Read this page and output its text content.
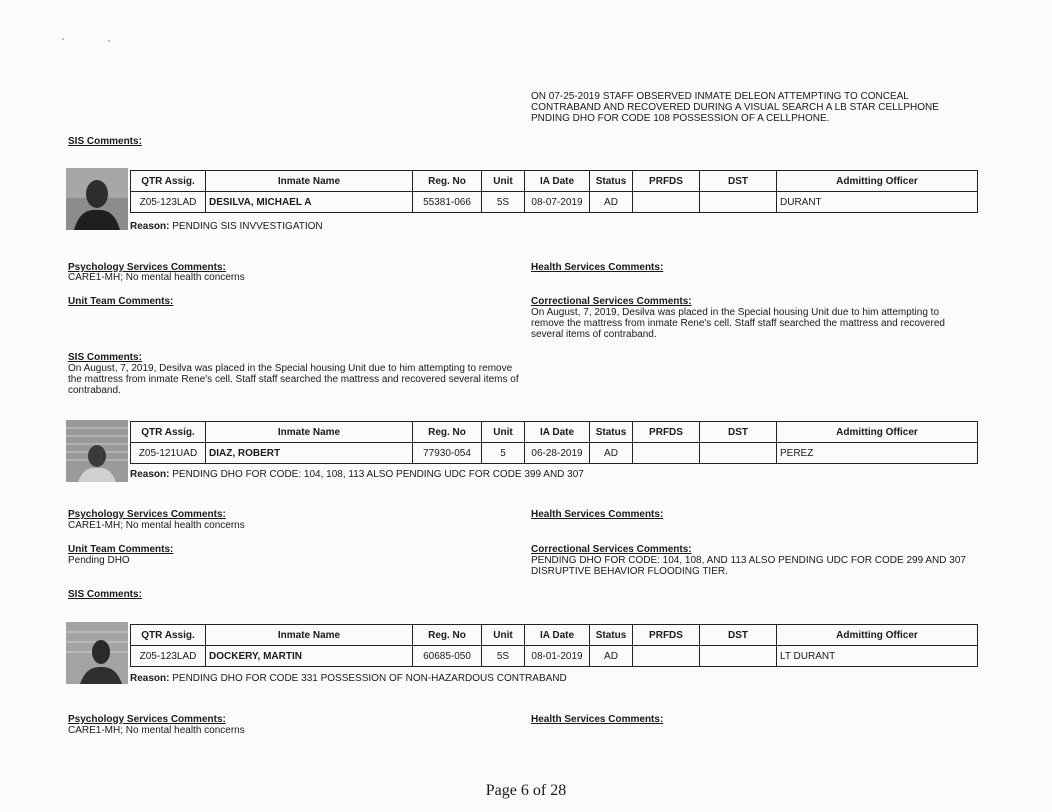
ON 07-25-2019 STAFF OBSERVED INMATE DELEON ATTEMPTING TO CONCEAL CONTRABAND AND RECOVERED DURING A VISUAL SEARCH A LB STAR CELLPHONE PNDING DHO FOR CODE 108 POSSESSION OF A CELLPHONE.
SIS Comments:
QTR Assig.	Inmate Name	Reg. No	Unit	IA Date	Status	PRFDS	DST	Admitting Officer
Z05-123LAD	DESILVA, MICHAEL A	55381-066	5S	08-07-2019	AD			DURANT
Reason: PENDING SIS INVVESTIGATION
Psychology Services Comments:
CARE1-MH; No mental health concerns
Health Services Comments:
Unit Team Comments:	Correctional Services Comments:
On August, 7, 2019, Desilva was placed in the Special housing Unit due to him attempting to remove the mattress from inmate Rene's cell. Staff staff searched the mattress and recovered several items of contraband.
SIS Comments:
On August, 7, 2019, Desilva was placed in the Special housing Unit due to him attempting to remove the mattress from inmate Rene's cell. Staff staff searched the mattress and recovered several items of contraband.
QTR Assig.	Inmate Name	Reg. No	Unit	IA Date	Status	PRFDS	DST	Admitting Officer
Z05-121UAD	DIAZ, ROBERT	77930-054	5	06-28-2019	AD			PEREZ
Reason: PENDING DHO FOR CODE: 104, 108, 113 ALSO PENDING UDC FOR CODE 399 AND 307
Psychology Services Comments:
CARE1-MH; No mental health concerns
Health Services Comments:
Unit Team Comments:
Pending DHO
Correctional Services Comments:
PENDING DHO FOR CODE: 104, 108, AND 113 ALSO PENDING UDC FOR CODE 299 AND 307 DISRUPTIVE BEHAVIOR FLOODING TIER.
SIS Comments:
QTR Assig.	Inmate Name	Reg. No	Unit	IA Date	Status	PRFDS	DST	Admitting Officer
Z05-123LAD	DOCKERY, MARTIN	60685-050	5S	08-01-2019	AD			LT DURANT
Reason: PENDING DHO FOR CODE 331 POSSESSION OF NON-HAZARDOUS CONTRABAND
Psychology Services Comments:
CARE1-MH; No mental health concerns
Health Services Comments:
Page 6 of 28
